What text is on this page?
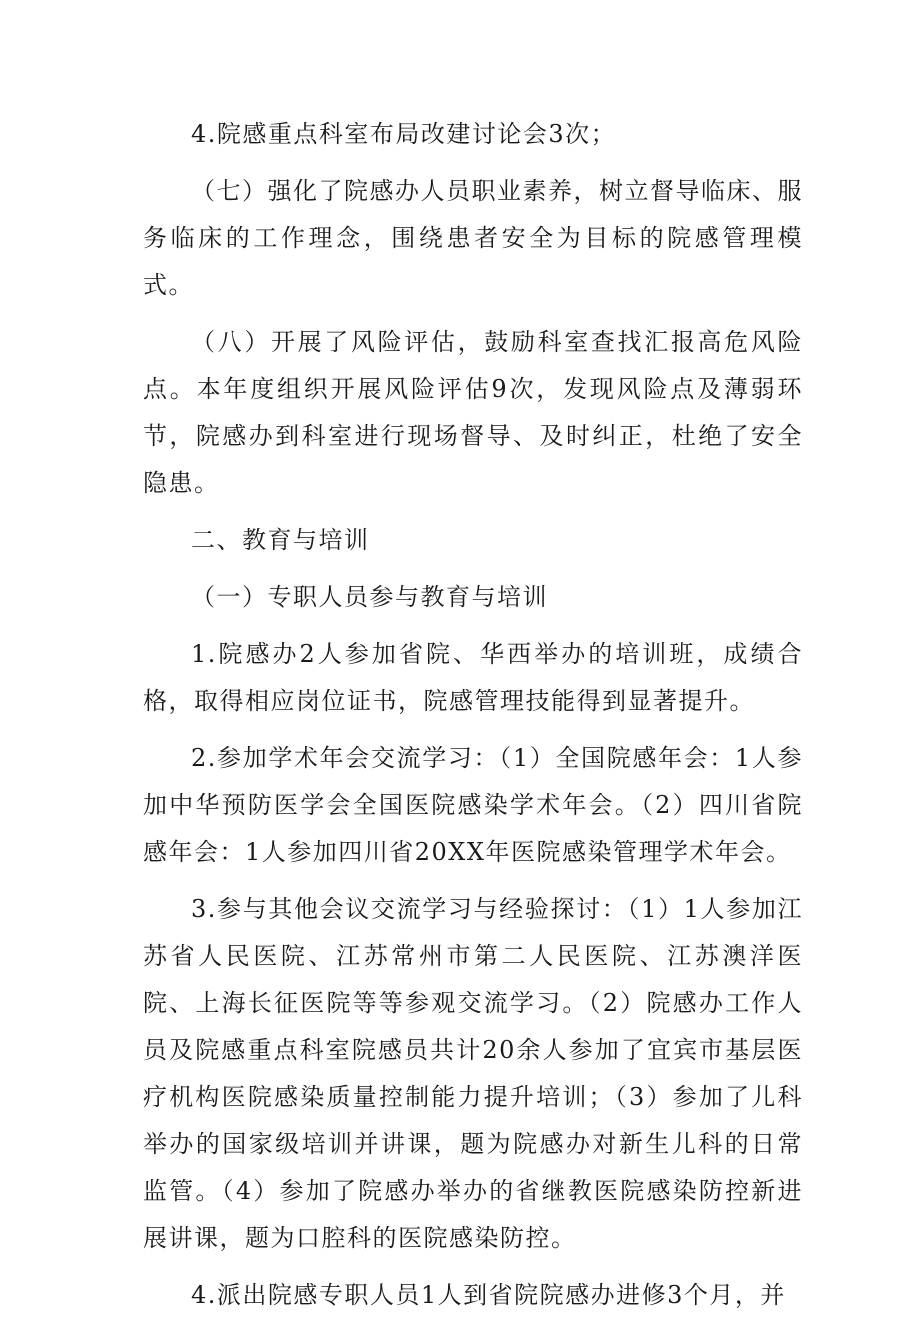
4.院感重点科室布局改建讨论会3次；

（七）强化了院感办人员职业素养，树立督导临床、服务临床的工作理念，围绕患者安全为目标的院感管理模式。

（八）开展了风险评估，鼓励科室查找汇报高危风险点。本年度组织开展风险评估9次，发现风险点及薄弱环节，院感办到科室进行现场督导、及时纠正，杜绝了安全隐患。

二、教育与培训

（一）专职人员参与教育与培训

1.院感办2人参加省院、华西举办的培训班，成绩合格，取得相应岗位证书，院感管理技能得到显著提升。

2.参加学术年会交流学习：（1）全国院感年会：1人参加中华预防医学会全国医院感染学术年会。（2）四川省院感年会：1人参加四川省20XX年医院感染管理学术年会。

3.参与其他会议交流学习与经验探讨：（1）1人参加江苏省人民医院、江苏常州市第二人民医院、江苏澳洋医院、上海长征医院等等参观交流学习。（2）院感办工作人员及院感重点科室院感员共计20余人参加了宜宾市基层医疗机构医院感染质量控制能力提升培训；（3）参加了儿科举办的国家级培训并讲课，题为院感办对新生儿科的日常监管。（4）参加了院感办举办的省继教医院感染防控新进展讲课，题为口腔科的医院感染防控。

4.派出院感专职人员1人到省院院感办进修3个月，并
